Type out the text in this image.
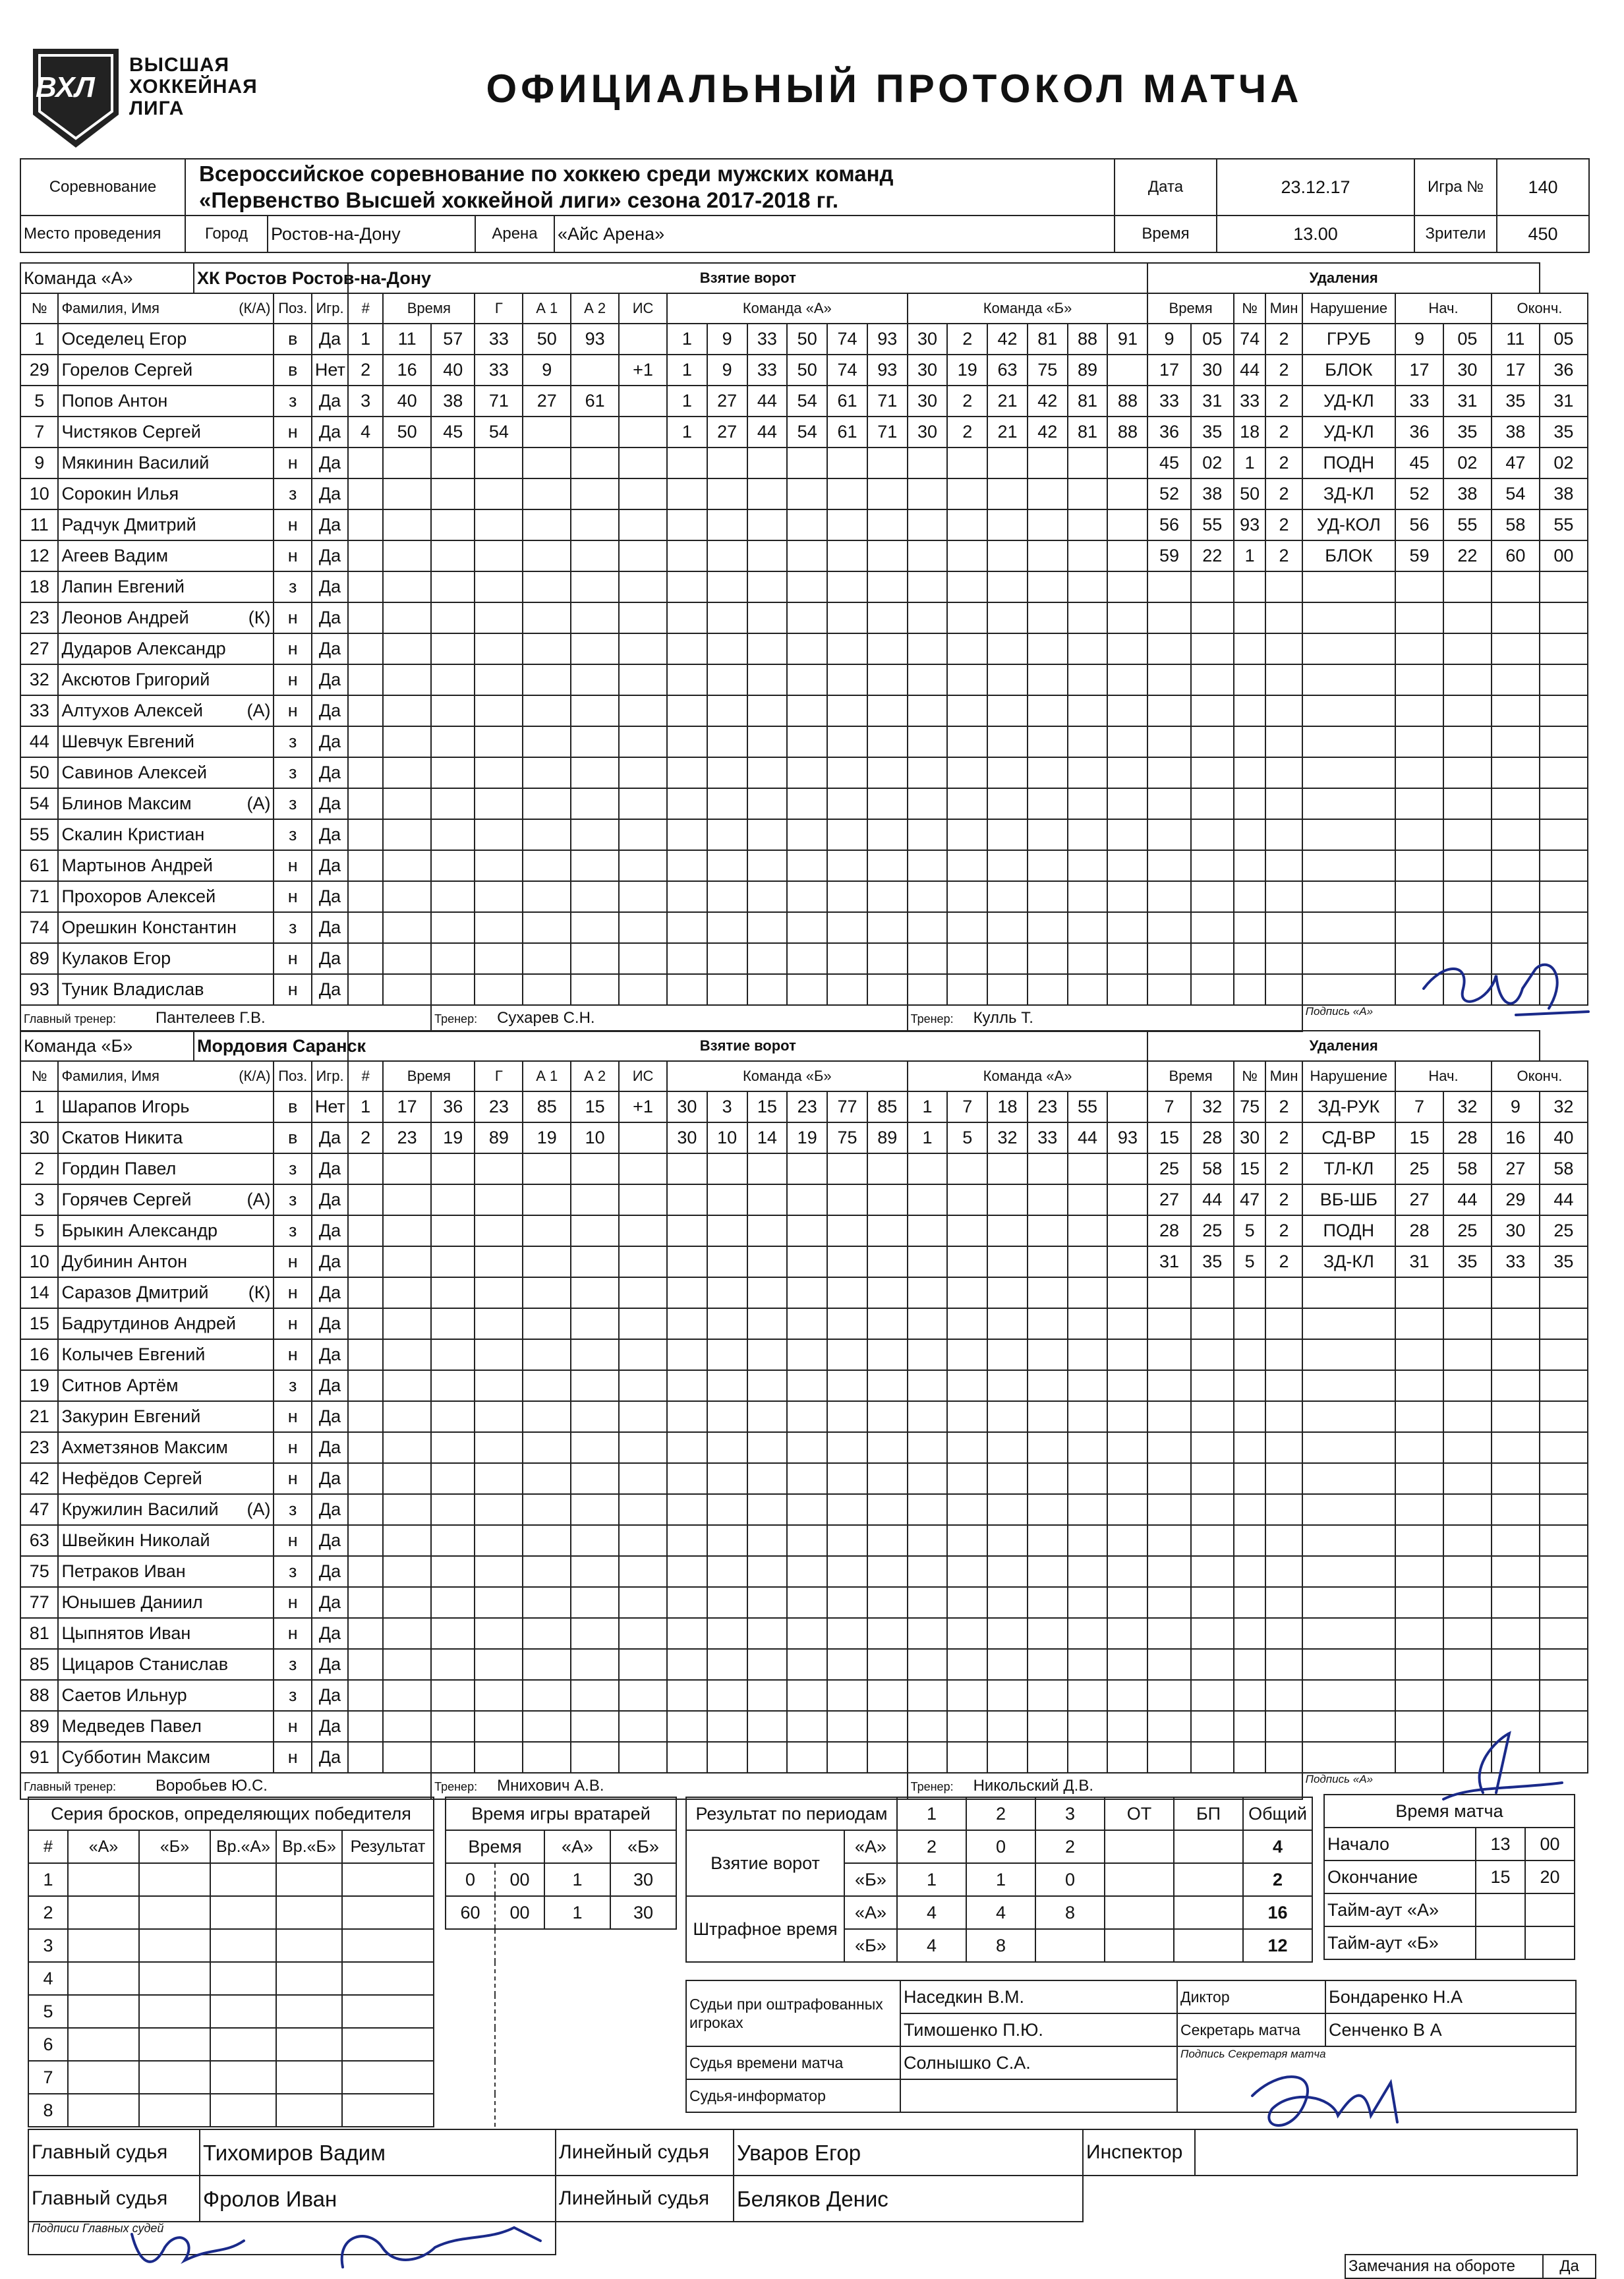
ВХЛ
ВЫСШАЯ
ХОККЕЙНАЯ
ЛИГА	ОФИЦИАЛЬНЫЙ ПРОТОКОЛ МАТЧА
Соревнование	Всероссийское соревнование по хоккею среди мужских команд
«Первенство Высшей хоккейной лиги» сезона 2017-2018 гг.				Дата	23.12.17	Игра №	140
Место проведения	Город	Ростов-на-Дону	Арена	«Айс Арена»	Время	13.00	Зрители	450
Команда «А»		ХК Ростов Ростов-на-Дону			Взятие ворот																			Удаления								
№	Фамилия, Имя (К/А)		Поз.	Игр.	#	Время		Г	А 1	А 2	ИС	Команда «А»						Команда «Б»						Время		№	Мин	Нарушение	Нач.		Оконч.	
1	Оседелец Егор		в	Да	1	11	57	33	50	93		1	9	33	50	74	93	30	2	42	81	88	91	9	05	74	2	ГРУБ	9	05	11	05
29	Горелов Сергей		в	Нет	2	16	40	33	9		+1	1	9	33	50	74	93	30	19	63	75	89		17	30	44	2	БЛОК	17	30	17	36
5	Попов Антон		з	Да	3	40	38	71	27	61		1	27	44	54	61	71	30	2	21	42	81	88	33	31	33	2	УД-КЛ	33	31	35	31
7	Чистяков Сергей		н	Да	4	50	45	54				1	27	44	54	61	71	30	2	21	42	81	88	36	35	18	2	УД-КЛ	36	35	38	35
9	Мякинин Василий		н	Да																				45	02	1	2	ПОДН	45	02	47	02
10	Сорокин Илья		з	Да																				52	38	50	2	ЗД-КЛ	52	38	54	38
11	Радчук Дмитрий		н	Да																				56	55	93	2	УД-КОЛ	56	55	58	55
12	Агеев Вадим		н	Да																				59	22	1	2	БЛОК	59	22	60	00
18	Лапин Евгений		з	Да																												
23	Леонов Андрей	(К)	н	Да																												
27	Дударов Александр		н	Да																												
32	Аксютов Григорий		н	Да																												
33	Алтухов Алексей	(А)	н	Да																												
44	Шевчук Евгений		з	Да																												
50	Савинов Алексей		з	Да																												
54	Блинов Максим	(А)	з	Да																												
55	Скалин Кристиан		з	Да																												
61	Мартынов Андрей		н	Да																												
71	Прохоров Алексей		н	Да																												
74	Орешкин Константин		з	Да																												
89	Кулаков Егор		н	Да																												
93	Туник Владислав		н	Да																												
Главный тренер: Пантелеев Г.В.							Тренер: Сухарев С.Н.											Тренер: Кулль Т.										Подпись «А»				
Команда «Б»		Мордовия Саранск			Взятие ворот																			Удаления								
№	Фамилия, Имя (К/А)		Поз.	Игр.	#	Время		Г	А 1	А 2	ИС	Команда «Б»						Команда «А»						Время		№	Мин	Нарушение	Нач.		Оконч.	
1	Шарапов Игорь		в	Нет	1	17	36	23	85	15	+1	30	3	15	23	77	85	1	7	18	23	55		7	32	75	2	ЗД-РУК	7	32	9	32
30	Скатов Никита		в	Да	2	23	19	89	19	10		30	10	14	19	75	89	1	5	32	33	44	93	15	28	30	2	СД-ВР	15	28	16	40
2	Гордин Павел		з	Да																				25	58	15	2	ТЛ-КЛ	25	58	27	58
3	Горячев Сергей	(А)	з	Да																				27	44	47	2	ВБ-ШБ	27	44	29	44
5	Брыкин Александр		з	Да																				28	25	5	2	ПОДН	28	25	30	25
10	Дубинин Антон		н	Да																				31	35	5	2	ЗД-КЛ	31	35	33	35
14	Саразов Дмитрий	(К)	н	Да																												
15	Бадрутдинов Андрей		н	Да																												
16	Колычев Евгений		н	Да																												
19	Ситнов Артём		з	Да																												
21	Закурин Евгений		н	Да																												
23	Ахметзянов Максим		н	Да																												
42	Нефёдов Сергей		н	Да																												
47	Кружилин Василий	(А)	з	Да																												
63	Швейкин Николай		н	Да																												
75	Петраков Иван		з	Да																												
77	Юнышев Даниил		н	Да																												
81	Цыпнятов Иван		н	Да																												
85	Цицаров Станислав		з	Да																												
88	Саетов Ильнур		з	Да																												
89	Медведев Павел		н	Да																												
91	Субботин Максим		н	Да																												
Главный тренер: Воробьев Ю.С.							Тренер: Мнихович А.В.											Тренер: Никольский Д.В.										Подпись «А»				
Серия бросков, определяющих победителя					
#	«А»	«Б»	Вр.«А»	Вр.«Б»	Результат
1					
2					
3					
4					
5					
6					
7					
8					
Время игры вратарей			
Время		«А»	«Б»
0	00	1	30
60	00	1	30

Результат по периодам		1	2	3	ОТ	БП	Общий
Взятие ворот	«А»	2	0	2			4
	«Б»	1	1	0			2
Штрафное время	«А»	4	4	8			16
	«Б»	4	8				12
Время матча		
Начало	13	00
Окончание	15	20
Тайм-аут «А»		
Тайм-аут «Б»		
Судьи при оштрафованных игроках	Наседкин В.М.	Диктор	Бондаренко Н.А
	Тимошенко П.Ю.	Секретарь матча	Сенченко В А
Судья времени матча	Солнышко С.А.	Подпись Секретаря матча	
Судья-информатор			
Главный судья	Тихомиров Вадим	Линейный судья	Уваров Егор	Инспектор	
Главный судья	Фролов Иван	Линейный судья	Беляков Денис		
Подписи Главных судей					
Замечания на обороте	Да
